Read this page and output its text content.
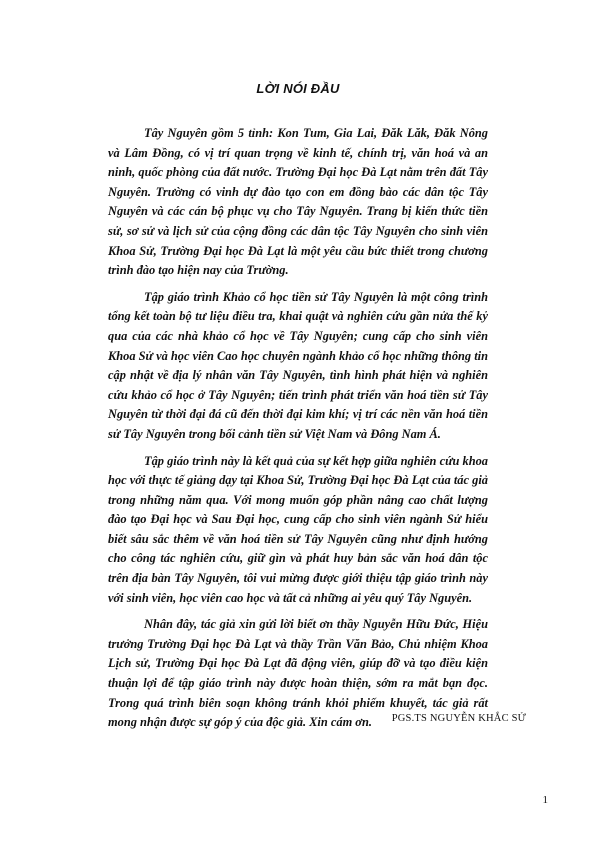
LỜI NÓI ĐẦU

Tây Nguyên gồm 5 tỉnh: Kon Tum, Gia Lai, Đăk Lăk, Đăk Nông và Lâm Đồng, có vị trí quan trọng về kinh tế, chính trị, văn hoá và an ninh, quốc phòng của đất nước. Trường Đại học Đà Lạt nằm trên đất Tây Nguyên. Trường có vinh dự đào tạo con em đồng bào các dân tộc Tây Nguyên và các cán bộ phục vụ cho Tây Nguyên. Trang bị kiến thức tiền sử, sơ sử và lịch sử của cộng đồng các dân tộc Tây Nguyên cho sinh viên Khoa Sử, Trường Đại học Đà Lạt là một yêu cầu bức thiết trong chương trình đào tạo hiện nay của Trường.

Tập giáo trình Khảo cổ học tiền sử Tây Nguyên là một công trình tổng kết toàn bộ tư liệu điều tra, khai quật và nghiên cứu gần nửa thế kỷ qua của các nhà khảo cổ học về Tây Nguyên; cung cấp cho sinh viên Khoa Sử và học viên Cao học chuyên ngành khảo cổ học những thông tin cập nhật về địa lý nhân văn Tây Nguyên, tình hình phát hiện và nghiên cứu khảo cổ học ở Tây Nguyên; tiến trình phát triển văn hoá tiền sử Tây Nguyên từ thời đại đá cũ đến thời đại kim khí; vị trí các nền văn hoá tiền sử Tây Nguyên trong bối cảnh tiền sử Việt Nam và Đông Nam Á.

Tập giáo trình này là kết quả của sự kết hợp giữa nghiên cứu khoa học với thực tế giảng dạy tại Khoa Sử, Trường Đại học Đà Lạt của tác giả trong những năm qua. Với mong muốn góp phần nâng cao chất lượng đào tạo Đại học và Sau Đại học, cung cấp cho sinh viên ngành Sử hiểu biết sâu sắc thêm về văn hoá tiền sử Tây Nguyên cũng như định hướng cho công tác nghiên cứu, giữ gìn và phát huy bản sắc văn hoá dân tộc trên địa bàn Tây Nguyên, tôi vui mừng được giới thiệu tập giáo trình này với sinh viên, học viên cao học và tất cả những ai yêu quý Tây Nguyên.

Nhân đây, tác giả xin gửi lời biết ơn thầy Nguyễn Hữu Đức, Hiệu trưởng Trường Đại học Đà Lạt và thầy Trần Văn Bảo, Chủ nhiệm Khoa Lịch sử, Trường Đại học Đà Lạt đã động viên, giúp đỡ và tạo điều kiện thuận lợi để tập giáo trình này được hoàn thiện, sớm ra mắt bạn đọc. Trong quá trình biên soạn không tránh khỏi phiếm khuyết, tác giả rất mong nhận được sự góp ý của độc giả. Xin cám ơn.	PGS.TS NGUYỄN KHẮC SỬ
1
